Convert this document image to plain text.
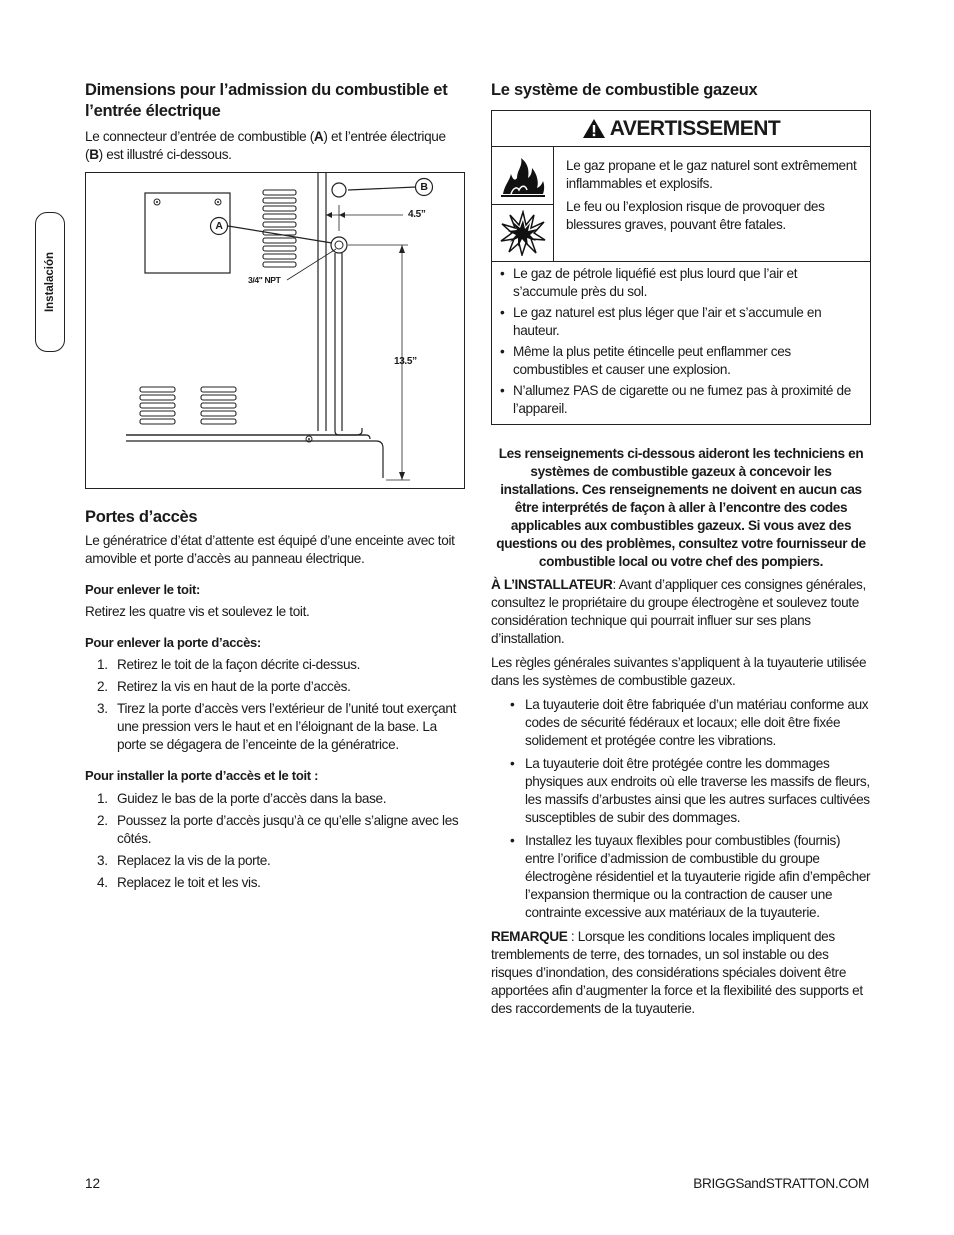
Instalación
Dimensions pour l’admission du combustible et l’entrée électrique

Le connecteur d’entrée de combustible (A) et l’entrée électrique (B) est illustré ci-dessous.

A
B
4.5”
13.5”
3/4" NPT
Portes d’accès

Le génératrice d’état d’attente est équipé d’une enceinte avec toit amovible et porte d’accès au panneau électrique.

Pour enlever le toit:

Retirez les quatre vis et soulevez le toit.

Pour enlever la porte d’accès:
1. Retirez le toit de la façon décrite ci-dessus.
2. Retirez la vis en haut de la porte d’accès.
3. Tirez la porte d’accès vers l’extérieur de l’unité tout exerçant une pression vers le haut et en l’éloignant de la base. La porte se dégagera de l’enceinte de la génératrice.
Pour installer la porte d’accès et le toit :
1. Guidez le bas de la porte d’accès dans la base.
2. Poussez la porte d’accès jusqu’à ce qu’elle s’aligne avec les côtés.
3. Replacez la vis de la porte.
4. Replacez le toit et les vis.
Le système de combustible gazeux
AVERTISSEMENT

Le gaz propane et le gaz naturel sont extrêmement inflammables et explosifs.

Le feu ou l’explosion risque de provoquer des blessures graves, pouvant être fatales.

• Le gaz de pétrole liquéfié est plus lourd que l’air et s’accumule près du sol.
• Le gaz naturel est plus léger que l’air et s’accumule en hauteur.
• Même la plus petite étincelle peut enflammer ces combustibles et causer une explosion.
• N’allumez PAS de cigarette ou ne fumez pas à proximité de l’appareil.

Les renseignements ci-dessous aideront les techniciens en systèmes de combustible gazeux à concevoir les installations. Ces renseignements ne doivent en aucun cas être interprétés de façon à aller à l’encontre des codes applicables aux combustibles gazeux. Si vous avez des questions ou des problèmes, consultez votre fournisseur de combustible local ou votre chef des pompiers.

À L’INSTALLATEUR: Avant d’appliquer ces consignes générales, consultez le propriétaire du groupe électrogène et soulevez toute considération technique qui pourrait influer sur ses plans d’installation.

Les règles générales suivantes s’appliquent à la tuyauterie utilisée dans les systèmes de combustible gazeux.

• La tuyauterie doit être fabriquée d’un matériau conforme aux codes de sécurité fédéraux et locaux; elle doit être fixée solidement et protégée contre les vibrations.
• La tuyauterie doit être protégée contre les dommages physiques aux endroits où elle traverse les massifs de fleurs, les massifs d’arbustes ainsi que les autres surfaces cultivées susceptibles de subir des dommages.
• Installez les tuyaux flexibles pour combustibles (fournis) entre l’orifice d’admission de combustible du groupe électrogène résidentiel et la tuyauterie rigide afin d’empêcher l’expansion thermique ou la contraction de causer une contrainte excessive aux matériaux de la tuyauterie.

REMARQUE : Lorsque les conditions locales impliquent des tremblements de terre, des tornades, un sol instable ou des risques d’inondation, des considérations spéciales doivent être apportées afin d’augmenter la force et la flexibilité des supports et des raccordements de la tuyauterie.

12	BRIGGSandSTRATTON.COM
